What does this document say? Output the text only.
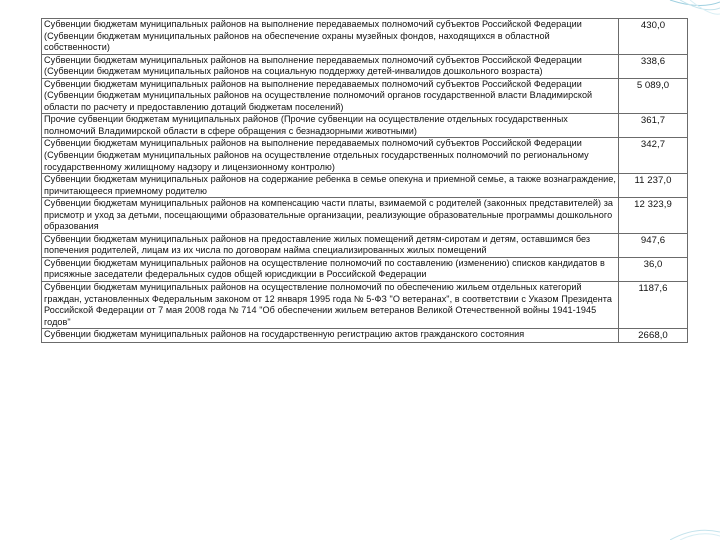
Субвенции бюджетам муниципальных районов на выполнение передаваемых полномочий субъектов Российской Федерации (Субвенции бюджетам муниципальных районов на обеспечение охраны музейных фондов, находящихся в областной собственности)	430,0
Субвенции бюджетам муниципальных районов на выполнение передаваемых полномочий субъектов Российской Федерации (Субвенции бюджетам муниципальных районов на социальную поддержку детей-инвалидов дошкольного возраста)	338,6
Субвенции бюджетам муниципальных районов на выполнение передаваемых полномочий субъектов Российской Федерации (Субвенции бюджетам муниципальных районов на осуществление полномочий органов государственной власти Владимирской области по расчету и предоставлению дотаций бюджетам поселений)	5 089,0
Прочие субвенции бюджетам муниципальных районов (Прочие субвенции на осуществление отдельных государственных полномочий Владимирской области в сфере обращения с безнадзорными животными)	361,7
Субвенции бюджетам муниципальных районов на выполнение передаваемых полномочий субъектов Российской Федерации (Субвенции бюджетам муниципальных районов на осуществление отдельных государственных полномочий по региональному государственному жилищному надзору и лицензионному контролю)	342,7
Субвенции бюджетам муниципальных районов на содержание ребенка в семье опекуна и приемной семье, а также вознаграждение, причитающееся приемному родителю	11 237,0
Субвенции бюджетам муниципальных районов на компенсацию части платы, взимаемой с родителей (законных представителей) за присмотр и уход за детьми, посещающими образовательные организации, реализующие образовательные программы дошкольного образования	12 323,9
Субвенции бюджетам муниципальных районов на предоставление жилых помещений детям-сиротам и детям, оставшимся без попечения родителей, лицам из их числа по договорам найма специализированных жилых помещений	947,6
Субвенции бюджетам муниципальных районов на осуществление полномочий по составлению (изменению) списков кандидатов в присяжные заседатели федеральных судов общей юрисдикции в Российской Федерации	36,0
Субвенции бюджетам муниципальных районов на осуществление полномочий по обеспечению жильем отдельных категорий граждан, установленных Федеральным законом от 12 января 1995 года № 5-ФЗ "О ветеранах", в соответствии с Указом Президента Российской Федерации от 7 мая 2008 года № 714 "Об обеспечении жильем ветеранов Великой Отечественной войны 1941-1945 годов"	1187,6
Субвенции бюджетам муниципальных районов на государственную регистрацию актов гражданского состояния	2668,0
